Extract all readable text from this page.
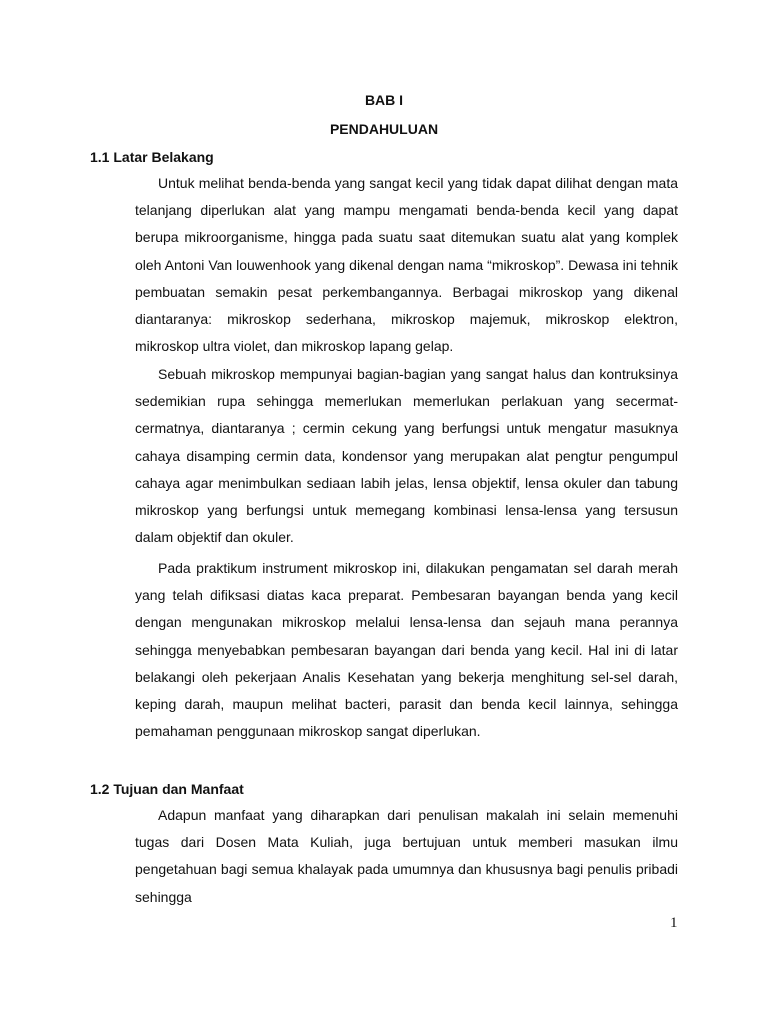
BAB I
PENDAHULUAN
1.1 Latar Belakang

Untuk melihat benda-benda yang sangat kecil yang tidak dapat dilihat dengan mata telanjang diperlukan alat yang mampu mengamati benda-benda kecil yang dapat berupa mikroorganisme, hingga pada suatu saat ditemukan suatu alat yang komplek oleh Antoni Van louwenhook yang dikenal dengan nama “mikroskop”. Dewasa ini tehnik pembuatan semakin pesat perkembangannya. Berbagai mikroskop yang dikenal diantaranya: mikroskop sederhana, mikroskop majemuk, mikroskop elektron, mikroskop ultra violet, dan mikroskop lapang gelap.

Sebuah mikroskop mempunyai bagian-bagian yang sangat halus dan kontruksinya sedemikian rupa sehingga memerlukan memerlukan perlakuan yang secermat-cermatnya, diantaranya ; cermin cekung yang berfungsi untuk mengatur masuknya cahaya disamping cermin data, kondensor yang merupakan alat pengtur pengumpul cahaya agar menimbulkan sediaan labih jelas, lensa objektif, lensa okuler dan tabung mikroskop yang berfungsi untuk memegang kombinasi lensa-lensa yang tersusun dalam objektif dan okuler.

Pada praktikum instrument mikroskop ini, dilakukan pengamatan sel darah merah yang telah difiksasi diatas kaca preparat. Pembesaran bayangan benda yang kecil dengan mengunakan mikroskop melalui lensa-lensa dan sejauh mana perannya sehingga menyebabkan pembesaran bayangan dari benda yang kecil. Hal ini di latar belakangi oleh pekerjaan Analis Kesehatan yang bekerja menghitung sel-sel darah, keping darah, maupun melihat bacteri, parasit dan benda kecil lainnya, sehingga pemahaman penggunaan mikroskop sangat diperlukan.

1.2 Tujuan dan Manfaat

Adapun manfaat yang diharapkan dari penulisan makalah ini selain memenuhi tugas dari Dosen Mata Kuliah, juga bertujuan untuk memberi masukan ilmu pengetahuan bagi semua khalayak pada umumnya dan khususnya bagi penulis pribadi sehingga

1
